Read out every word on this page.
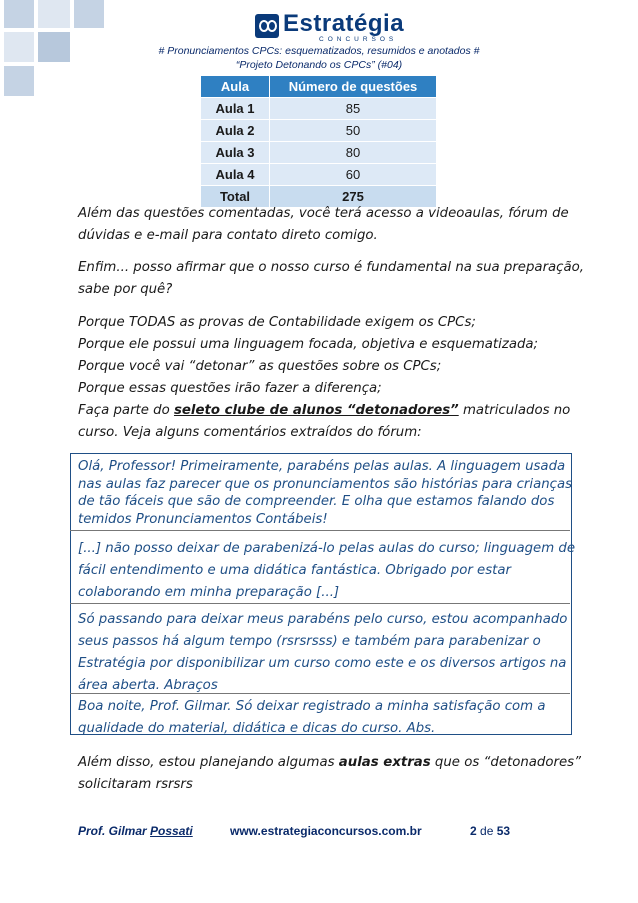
Estratégia
CONCURSOS
# Pronunciamentos CPCs: esquematizados, resumidos e anotados #
“Projeto Detonando os CPCs” (#04)
Aula	Número de questões
Aula 1	85
Aula 2	50
Aula 3	80
Aula 4	60
Total	275
Além das questões comentadas, você terá acesso a videoaulas, fórum de
dúvidas e e-mail para contato direto comigo.
Enfim... posso afirmar que o nosso curso é fundamental na sua preparação,
sabe por quê?
Porque TODAS as provas de Contabilidade exigem os CPCs;
Porque ele possui uma linguagem focada, objetiva e esquematizada;
Porque você vai “detonar” as questões sobre os CPCs;
Porque essas questões irão fazer a diferença;
Faça parte do seleto clube de alunos “detonadores” matriculados no
curso. Veja alguns comentários extraídos do fórum:
Olá, Professor! Primeiramente, parabéns pelas aulas. A linguagem usada
nas aulas faz parecer que os pronunciamentos são histórias para crianças
de tão fáceis que são de compreender. E olha que estamos falando dos
temidos Pronunciamentos Contábeis!
[...] não posso deixar de parabenizá-lo pelas aulas do curso; linguagem de
fácil entendimento e uma didática fantástica. Obrigado por estar
colaborando em minha preparação [...]
Só passando para deixar meus parabéns pelo curso, estou acompanhado
seus passos há algum tempo (rsrsrsss) e também para parabenizar o
Estratégia por disponibilizar um curso como este e os diversos artigos na
área aberta. Abraços
Boa noite, Prof. Gilmar. Só deixar registrado a minha satisfação com a
qualidade do material, didática e dicas do curso. Abs.
Além disso, estou planejando algumas aulas extras que os “detonadores”
solicitaram rsrsrs
Prof. Gilmar Possati	www.estrategiaconcursos.com.br	2 de 53
